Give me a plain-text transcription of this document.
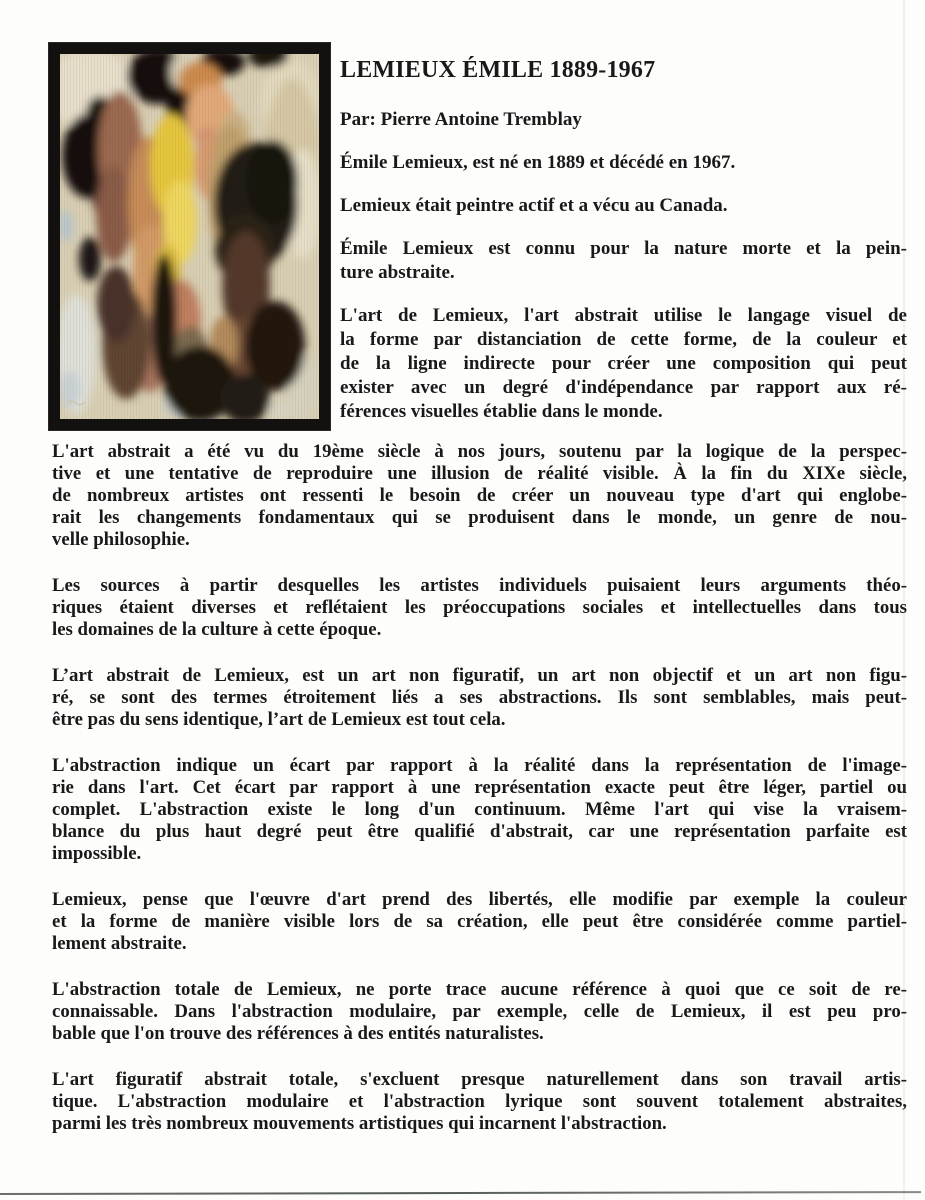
LEMIEUX ÉMILE 1889-1967

Par: Pierre Antoine Tremblay

Émile Lemieux, est né en 1889 et décédé en 1967.
Lemieux était peintre actif et a vécu au Canada.
Émile Lemieux est connu pour la nature morte et la pein-
ture abstraite.
L'art de Lemieux, l'art abstrait utilise le langage visuel de
la forme par distanciation de cette forme, de la couleur et
de la ligne indirecte pour créer une composition qui peut
exister avec un degré d'indépendance par rapport aux ré-
férences visuelles établie dans le monde.
L'art abstrait a été vu du 19ème siècle à nos jours, soutenu par la logique de la perspec-
tive et une tentative de reproduire une illusion de réalité visible. À la fin du XIXe siècle,
de nombreux artistes ont ressenti le besoin de créer un nouveau type d'art qui englobe-
rait les changements fondamentaux qui se produisent dans le monde, un genre de nou-
velle philosophie.
Les sources à partir desquelles les artistes individuels puisaient leurs arguments théo-
riques étaient diverses et reflétaient les préoccupations sociales et intellectuelles dans tous
les domaines de la culture à cette époque.
L’art abstrait de Lemieux, est un art non figuratif, un art non objectif et un art non figu-
ré, se sont des termes étroitement liés a ses abstractions. Ils sont semblables, mais peut-
être pas du sens identique, l’art de Lemieux est tout cela.
L'abstraction indique un écart par rapport à la réalité dans la représentation de l'image-
rie dans l'art. Cet écart par rapport à une représentation exacte peut être léger, partiel ou
complet. L'abstraction existe le long d'un continuum. Même l'art qui vise la vraisem-
blance du plus haut degré peut être qualifié d'abstrait, car une représentation parfaite est
impossible.
Lemieux, pense que l'œuvre d'art prend des libertés, elle modifie par exemple la couleur
et la forme de manière visible lors de sa création, elle peut être considérée comme partiel-
lement abstraite.
L'abstraction totale de Lemieux, ne porte trace aucune référence à quoi que ce soit de re-
connaissable. Dans l'abstraction modulaire, par exemple, celle de Lemieux, il est peu pro-
bable que l'on trouve des références à des entités naturalistes.
L'art figuratif abstrait totale, s'excluent presque naturellement dans son travail artis-
tique. L'abstraction modulaire et l'abstraction lyrique sont souvent totalement abstraites,
parmi les très nombreux mouvements artistiques qui incarnent l'abstraction.
